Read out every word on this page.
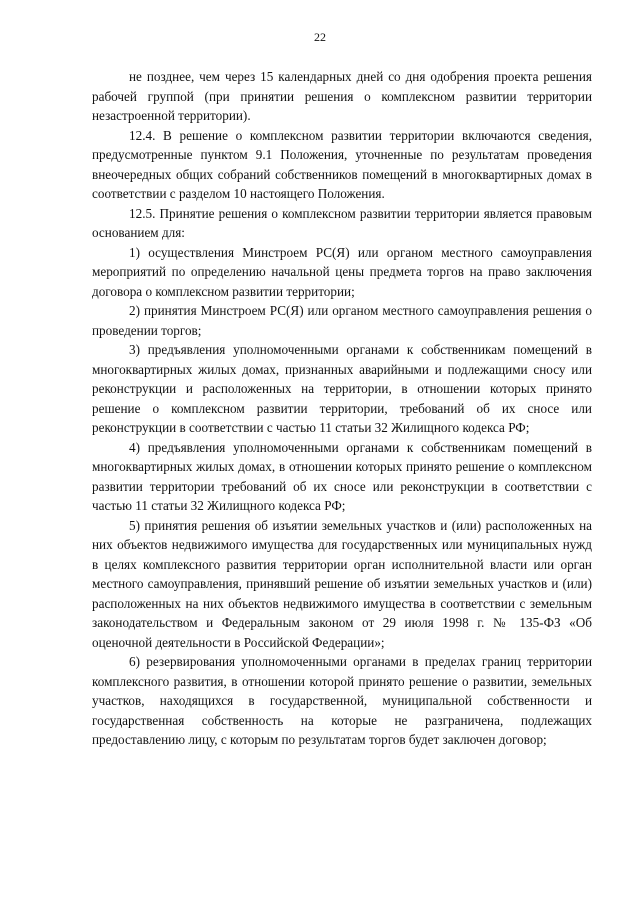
22

не позднее, чем через 15 календарных дней со дня одобрения проекта решения рабочей группой (при принятии решения о комплексном развитии территории незастроенной территории).

12.4. В решение о комплексном развитии территории включаются сведения, предусмотренные пунктом 9.1 Положения, уточненные по результатам проведения внеочередных общих собраний собственников помещений в многоквартирных домах в соответствии с разделом 10 настоящего Положения.

12.5. Принятие решения о комплексном развитии территории является правовым основанием для:

1) осуществления Минстроем РС(Я) или органом местного самоуправления мероприятий по определению начальной цены предмета торгов на право заключения договора о комплексном развитии территории;

2) принятия Минстроем РС(Я) или органом местного самоуправления решения о проведении торгов;

3) предъявления уполномоченными органами к собственникам помещений в многоквартирных жилых домах, признанных аварийными и подлежащими сносу или реконструкции и расположенных на территории, в отношении которых принято решение о комплексном развитии территории, требований об их сносе или реконструкции в соответствии с частью 11 статьи 32 Жилищного кодекса РФ;

4) предъявления уполномоченными органами к собственникам помещений в многоквартирных жилых домах, в отношении которых принято решение о комплексном развитии территории требований об их сносе или реконструкции в соответствии с частью 11 статьи 32 Жилищного кодекса РФ;

5) принятия решения об изъятии земельных участков и (или) расположенных на них объектов недвижимого имущества для государственных или муниципальных нужд в целях комплексного развития территории орган исполнительной власти или орган местного самоуправления, принявший решение об изъятии земельных участков и (или) расположенных на них объектов недвижимого имущества в соответствии с земельным законодательством и Федеральным законом от 29 июля 1998 г. № 135-ФЗ «Об оценочной деятельности в Российской Федерации»;

6) резервирования уполномоченными органами в пределах границ территории комплексного развития, в отношении которой принято решение о развитии, земельных участков, находящихся в государственной, муниципальной собственности и государственная собственность на которые не разграничена, подлежащих предоставлению лицу, с которым по результатам торгов будет заключен договор;
